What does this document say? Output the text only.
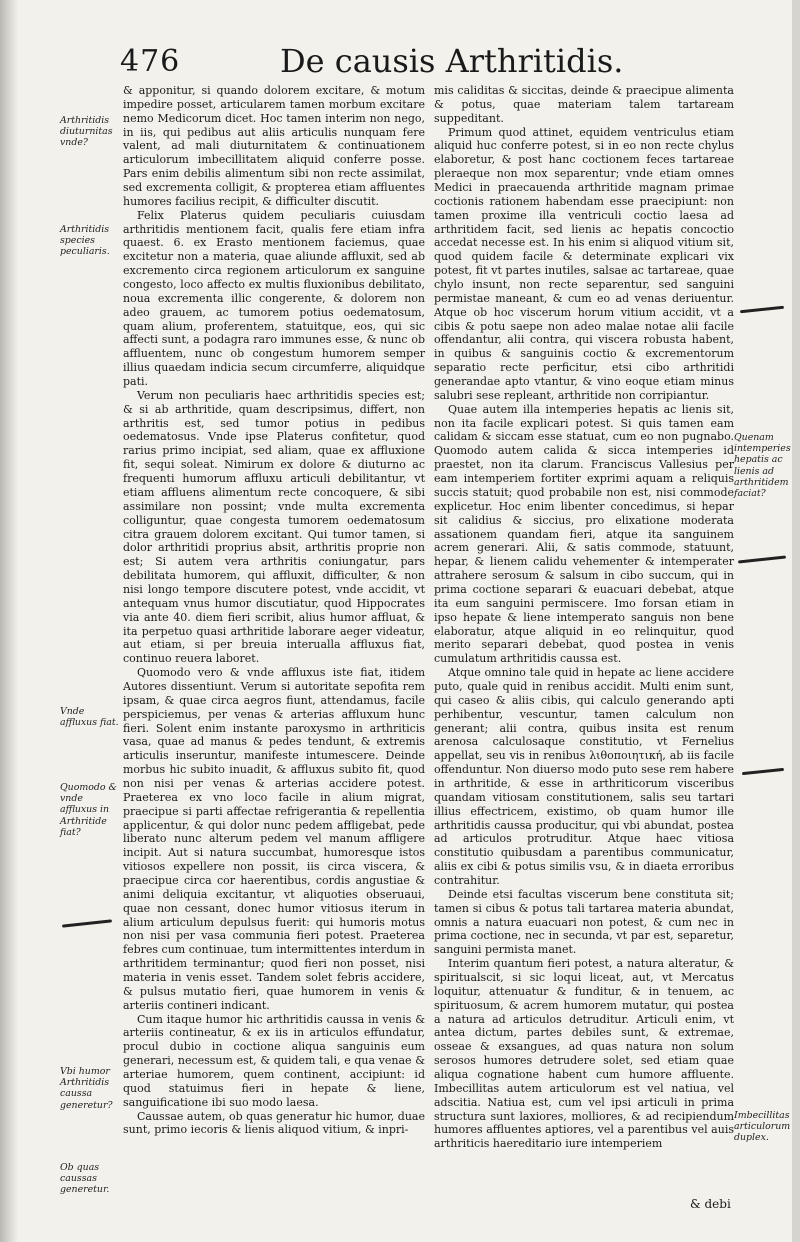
476	De causis Arthritidis.

& apponitur, si quando dolorem excitare, & motum impedire posset, articularem tamen morbum excitare nemo Medicorum dicet. Hoc tamen interim non nego, in iis, qui pedibus aut aliis articulis nunquam fere valent, ad mali diuturnitatem & continuationem articulorum imbecillitatem aliquid conferre posse. Pars enim debilis alimentum sibi non recte assimilat, sed excrementa colligit, & propterea etiam affluentes humores facilius recipit, & difficulter discutit.

Felix Platerus quidem peculiaris cuiusdam arthritidis mentionem facit, qualis fere etiam infra quaest. 6. ex Erasto mentionem faciemus, quae excitetur non a materia, quae aliunde affluxit, sed ab excremento circa regionem articulorum ex sanguine congesto, loco affecto ex multis fluxionibus debilitato, noua excrementa illic congerente, & dolorem non adeo grauem, ac tumorem potius oedematosum, quam alium, proferentem, statuitque, eos, qui sic affecti sunt, a podagra raro immunes esse, & nunc ob affluentem, nunc ob congestum humorem semper illius quaedam indicia secum circumferre, aliquidque pati.

Verum non peculiaris haec arthritidis species est; & si ab arthritide, quam descripsimus, differt, non arthritis est, sed tumor potius in pedibus oedematosus. Vnde ipse Platerus confitetur, quod rarius primo incipiat, sed aliam, quae ex affluxione fit, sequi soleat. Nimirum ex dolore & diuturno ac frequenti humorum affluxu articuli debilitantur, vt etiam affluens alimentum recte concoquere, & sibi assimilare non possint; vnde multa excrementa colliguntur, quae congesta tumorem oedematosum citra grauem dolorem excitant. Qui tumor tamen, si dolor arthritidi proprius absit, arthritis proprie non est; Si autem vera arthritis coniungatur, pars debilitata humorem, qui affluxit, difficulter, & non nisi longo tempore discutere potest, vnde accidit, vt antequam vnus humor discutiatur, quod Hippocrates via ante 40. diem fieri scribit, alius humor affluat, & ita perpetuo quasi arthritide laborare aeger videatur, aut etiam, si per breuia interualla affluxus fiat, continuo reuera laboret.

Quomodo vero & vnde affluxus iste fiat, itidem Autores dissentiunt. Verum si autoritate sepofita rem ipsam, & quae circa aegros fiunt, attendamus, facile perspiciemus, per venas & arterias affluxum hunc fieri. Solent enim instante paroxysmo in arthriticis vasa, quae ad manus & pedes tendunt, & extremis articulis inseruntur, manifeste intumescere. Deinde morbus hic subito inuadit, & affluxus subito fit, quod non nisi per venas & arterias accidere potest. Praeterea ex vno loco facile in alium migrat, praecipue si parti affectae refrigerantia & repellentia applicentur, & qui dolor nunc pedem affligebat, pede liberato nunc alterum pedem vel manum affligere incipit. Aut si natura succumbat, humoresque istos vitiosos expellere non possit, iis circa viscera, & praecipue circa cor haerentibus, cordis angustiae & animi deliquia excitantur, vt aliquoties obseruaui, quae non cessant, donec humor vitiosus iterum in alium articulum depulsus fuerit: qui humoris motus non nisi per vasa communia fieri potest. Praeterea febres cum continuae, tum intermittentes interdum in arthritidem terminantur; quod fieri non posset, nisi materia in venis esset. Tandem solet febris accidere, & pulsus mutatio fieri, quae humorem in venis & arteriis contineri indicant.

Cum itaque humor hic arthritidis caussa in venis & arteriis contineatur, & ex iis in articulos effundatur, procul dubio in coctione aliqua sanguinis eum generari, necessum est, & quidem tali, e qua venae & arteriae humorem, quem continent, accipiunt: id quod statuimus fieri in hepate & liene, sanguificatione ibi suo modo laesa.

Caussae autem, ob quas generatur hic humor, duae sunt, primo iecoris & lienis aliquod vitium, & inpri-

mis caliditas & siccitas, deinde & praecipue alimenta & potus, quae materiam talem tartaream suppeditant.

Primum quod attinet, equidem ventriculus etiam aliquid huc conferre potest, si in eo non recte chylus elaboretur, & post hanc coctionem feces tartareae pleraeque non mox separentur; vnde etiam omnes Medici in praecauenda arthritide magnam primae coctionis rationem habendam esse praecipiunt: non tamen proxime illa ventriculi coctio laesa ad arthritidem facit, sed lienis ac hepatis concoctio accedat necesse est. In his enim si aliquod vitium sit, quod quidem facile & determinate explicari vix potest, fit vt partes inutiles, salsae ac tartareae, quae chylo insunt, non recte separentur, sed sanguini permistae maneant, & cum eo ad venas deriuentur. Atque ob hoc viscerum horum vitium accidit, vt a cibis & potu saepe non adeo malae notae alii facile offendantur, alii contra, qui viscera robusta habent, in quibus & sanguinis coctio & excrementorum separatio recte perficitur, etsi cibo arthritidi generandae apto vtantur, & vino eoque etiam minus salubri sese repleant, arthritide non corripiantur.

Quae autem illa intemperies hepatis ac lienis sit, non ita facile explicari potest. Si quis tamen eam calidam & siccam esse statuat, cum eo non pugnabo. Quomodo autem calida & sicca intemperies id praestet, non ita clarum. Franciscus Vallesius per eam intemperiem fortiter exprimi aquam a reliquis succis statuit; quod probabile non est, nisi commode explicetur. Hoc enim libenter concedimus, si hepar sit calidius & siccius, pro elixatione moderata assationem quandam fieri, atque ita sanguinem acrem generari. Alii, & satis commode, statuunt, hepar, & lienem calidu vehementer & intemperater attrahere serosum & salsum in cibo succum, qui in prima coctione separari & euacuari debebat, atque ita eum sanguini permiscere. Imo forsan etiam in ipso hepate & liene intemperato sanguis non bene elaboratur, atque aliquid in eo relinquitur, quod merito separari debebat, quod postea in venis cumulatum arthritidis caussa est.

Atque omnino tale quid in hepate ac liene accidere puto, quale quid in renibus accidit. Multi enim sunt, qui caseo & aliis cibis, qui calculo generando apti perhibentur, vescuntur, tamen calculum non generant; alii contra, quibus insita est renum arenosa calculosaque constitutio, vt Fernelius appellat, seu vis in renibus λιθοποιητική, ab iis facile offenduntur. Non diuerso modo puto sese rem habere in arthritide, & esse in arthriticorum visceribus quandam vitiosam constitutionem, salis seu tartari illius effectricem, existimo, ob quam humor ille arthritidis caussa producitur, qui vbi abundat, postea ad articulos protruditur. Atque haec vitiosa constitutio quibusdam a parentibus communicatur, aliis ex cibi & potus similis vsu, & in diaeta erroribus contrahitur.

Deinde etsi facultas viscerum bene constituta sit; tamen si cibus & potus tali tartarea materia abundat, omnis a natura euacuari non potest, & cum nec in prima coctione, nec in secunda, vt par est, separetur, sanguini permista manet.

Interim quantum fieri potest, a natura alteratur, & spiritualscit, si sic loqui liceat, aut, vt Mercatus loquitur, attenuatur & funditur, & in tenuem, ac spirituosum, & acrem humorem mutatur, qui postea a natura ad articulos detruditur. Articuli enim, vt antea dictum, partes debiles sunt, & extremae, osseae & exsangues, ad quas natura non solum serosos humores detrudere solet, sed etiam quae aliqua cognatione habent cum humore affluente. Imbecillitas autem articulorum est vel natiua, vel adscitia. Natiua est, cum vel ipsi articuli in prima structura sunt laxiores, molliores, & ad recipiendum humores affluentes aptiores, vel a parentibus vel auis arthriticis haereditario iure intemperiem

& debi
Arthritidis diuturnitas vnde?
Arthritidis species peculiaris.
Vnde affluxus fiat.
Quomodo & vnde affluxus in Arthritide fiat?
Vbi humor Arthritidis caussa generetur?
Ob quas caussas generetur.
Quenam intemperies hepatis ac lienis ad arthritidem faciat?
Imbecillitas articulorum duplex.
